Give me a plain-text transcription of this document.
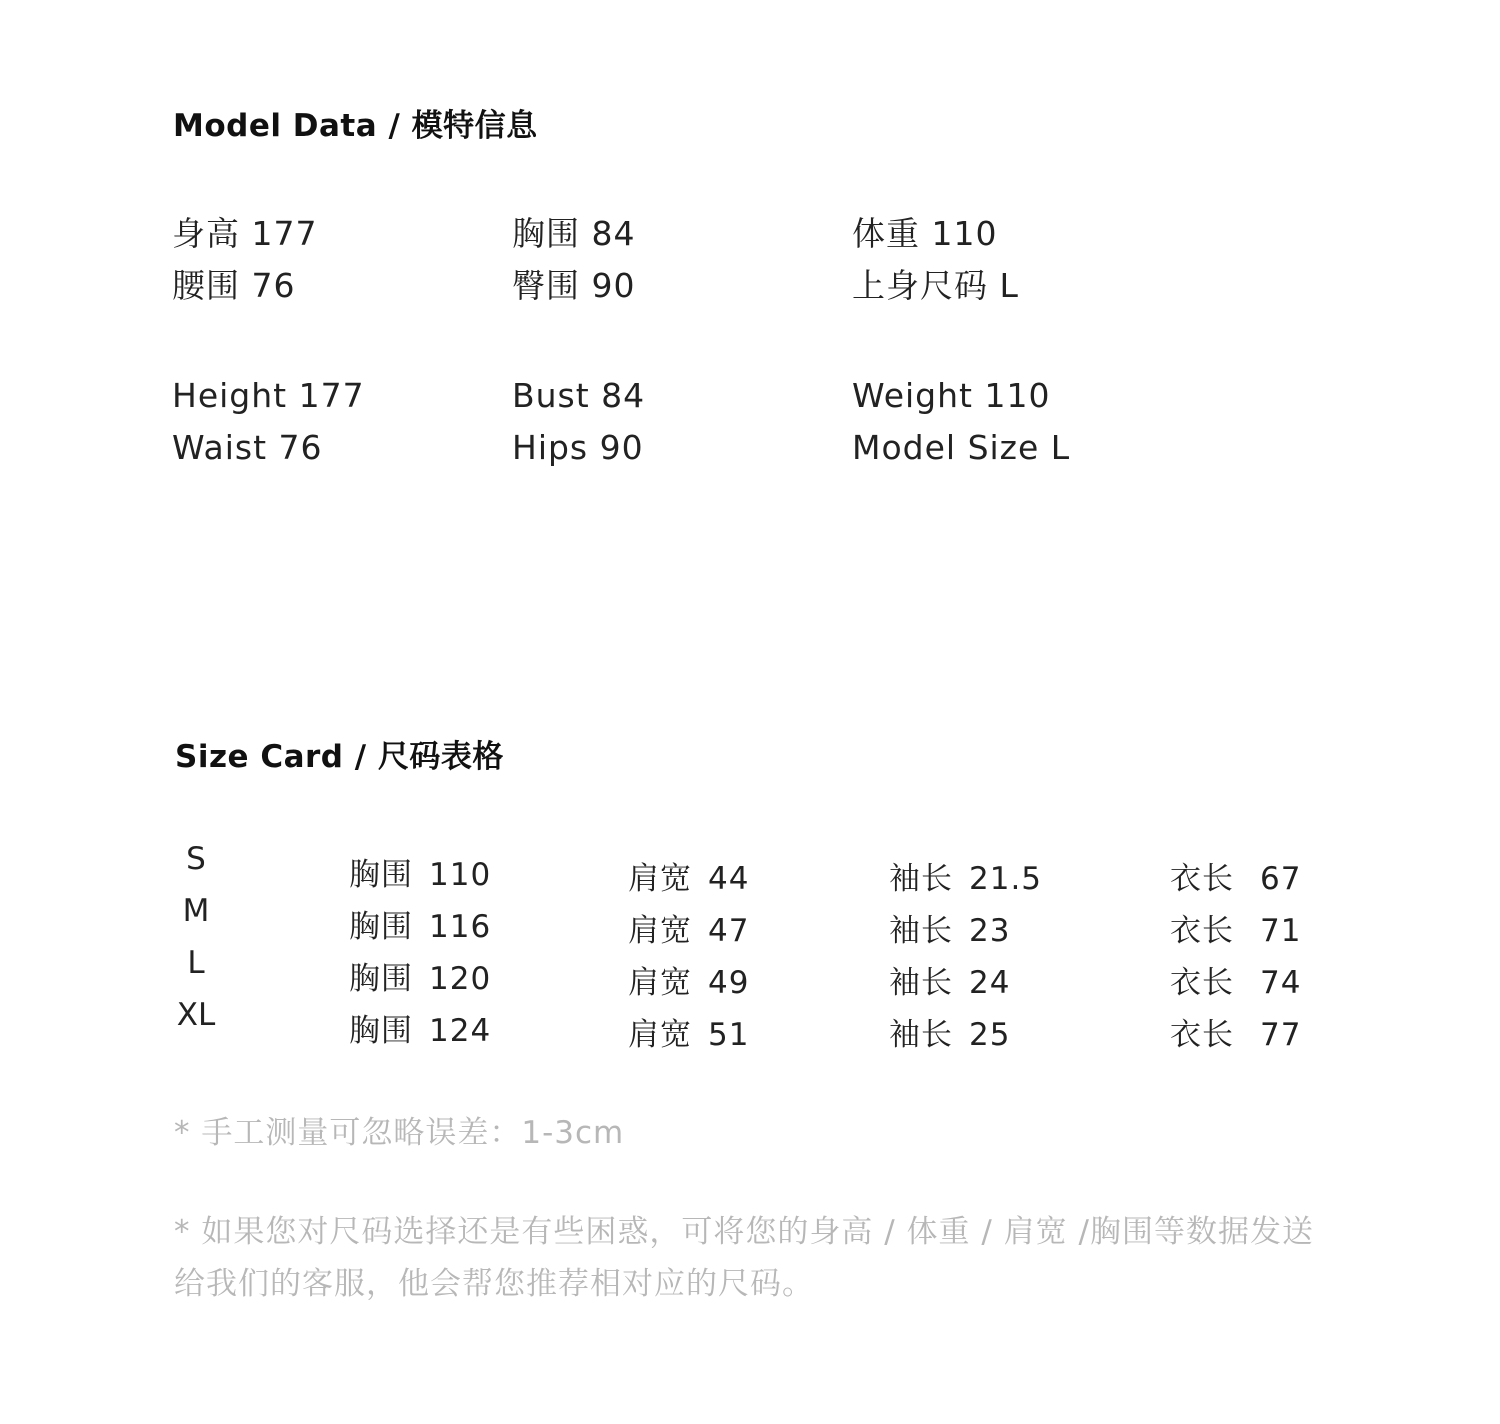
Model Data / 模特信息
身高 177	胸围 84	体重 110
腰围 76	臀围 90	上身尺码 L
Height 177	Bust 84	Weight 110
Waist 76	Hips 90	Model Size L
Size Card / 尺码表格
S	胸围 110	肩宽 44	袖长 21.5	衣长 67
M	胸围 116	肩宽 47	袖长 23	衣长 71
L	胸围 120	肩宽 49	袖长 24	衣长 74
XL	胸围 124	肩宽 51	袖长 25	衣长 77
* 手工测量可忽略误差：1-3cm
* 如果您对尺码选择还是有些困惑，可将您的身高 / 体重 / 肩宽 /胸围等数据发送给我们的客服，他会帮您推荐相对应的尺码。
